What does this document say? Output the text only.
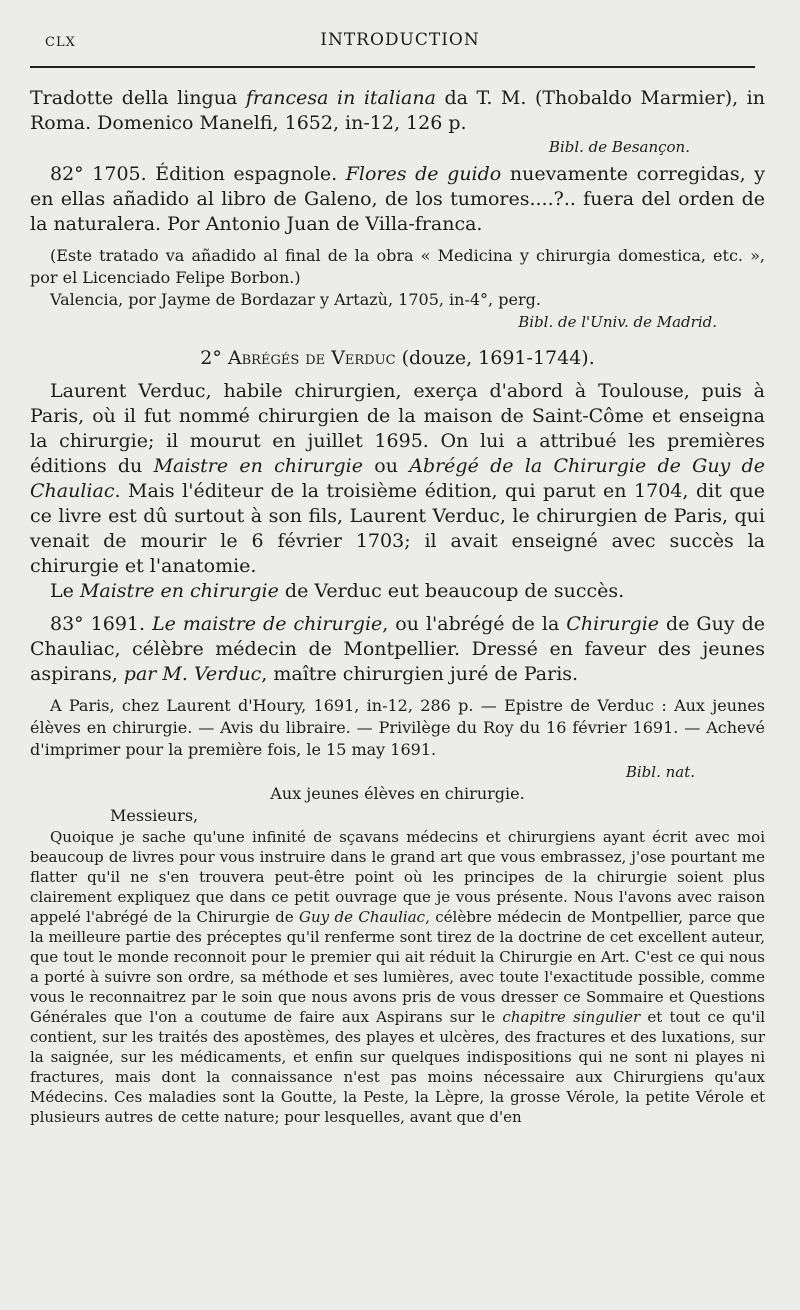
CLX	INTRODUCTION

Tradotte della lingua francesa in italiana da T. M. (Thobaldo Marmier), in Roma. Domenico Manelfi, 1652, in-12, 126 p.

Bibl. de Besançon.

82° 1705. Édition espagnole. Flores de guido nuevamente corregidas, y en ellas añadido al libro de Galeno, de los tumores....?.. fuera del orden de la naturalera. Por Antonio Juan de Villa-franca.

(Este tratado va añadido al final de la obra « Medicina y chirurgia domestica, etc. », por el Licenciado Felipe Borbon.)

Valencia, por Jayme de Bordazar y Artazù, 1705, in-4°, perg.

Bibl. de l'Univ. de Madrid.

2° Abrégés de Verduc (douze, 1691-1744).

Laurent Verduc, habile chirurgien, exerça d'abord à Toulouse, puis à Paris, où il fut nommé chirurgien de la maison de Saint-Côme et enseigna la chirurgie; il mourut en juillet 1695. On lui a attribué les premières éditions du Maistre en chirurgie ou Abrégé de la Chirurgie de Guy de Chauliac. Mais l'éditeur de la troisième édition, qui parut en 1704, dit que ce livre est dû surtout à son fils, Laurent Verduc, le chirurgien de Paris, qui venait de mourir le 6 février 1703; il avait enseigné avec succès la chirurgie et l'anatomie.

Le Maistre en chirurgie de Verduc eut beaucoup de succès.

83° 1691. Le maistre de chirurgie, ou l'abrégé de la Chirurgie de Guy de Chauliac, célèbre médecin de Montpellier. Dressé en faveur des jeunes aspirans, par M. Verduc, maître chirurgien juré de Paris.

A Paris, chez Laurent d'Houry, 1691, in-12, 286 p. — Epistre de Verduc : Aux jeunes élèves en chirurgie. — Avis du libraire. — Privilège du Roy du 16 février 1691. — Achevé d'imprimer pour la première fois, le 15 may 1691.

Bibl. nat.

Aux jeunes élèves en chirurgie.

Messieurs,

Quoique je sache qu'une infinité de sçavans médecins et chirurgiens ayant écrit avec moi beaucoup de livres pour vous instruire dans le grand art que vous embrassez, j'ose pourtant me flatter qu'il ne s'en trouvera peut-être point où les principes de la chirurgie soient plus clairement expliquez que dans ce petit ouvrage que je vous présente. Nous l'avons avec raison appelé l'abrégé de la Chirurgie de Guy de Chauliac, célèbre médecin de Montpellier, parce que la meilleure partie des préceptes qu'il renferme sont tirez de la doctrine de cet excellent auteur, que tout le monde reconnoit pour le premier qui ait réduit la Chirurgie en Art. C'est ce qui nous a porté à suivre son ordre, sa méthode et ses lumières, avec toute l'exactitude possible, comme vous le reconnaitrez par le soin que nous avons pris de vous dresser ce Sommaire et Questions Générales que l'on a coutume de faire aux Aspirans sur le chapitre singulier et tout ce qu'il contient, sur les traités des apostèmes, des playes et ulcères, des fractures et des luxations, sur la saignée, sur les médicaments, et enfin sur quelques indispositions qui ne sont ni playes ni fractures, mais dont la connaissance n'est pas moins nécessaire aux Chirurgiens qu'aux Médecins. Ces maladies sont la Goutte, la Peste, la Lèpre, la grosse Vérole, la petite Vérole et plusieurs autres de cette nature; pour lesquelles, avant que d'en
